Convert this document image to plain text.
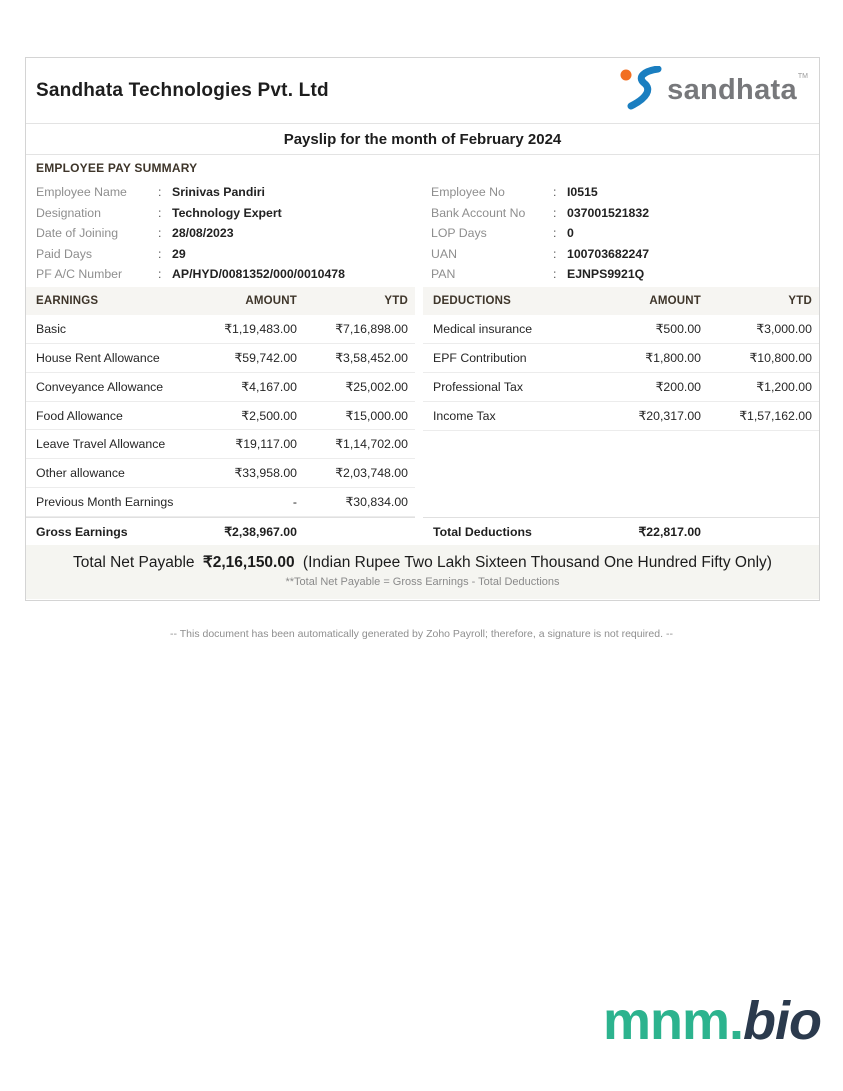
Sandhata Technologies Pvt. Ltd	sandhata TM
Payslip for the month of February 2024
EMPLOYEE PAY SUMMARY
Employee Name :	Srinivas Pandiri
Designation :	Technology Expert
Date of Joining :	28/08/2023
Paid Days :	29
PF A/C Number :	AP/HYD/0081352/000/0010478
Employee No :	I0515
Bank Account No :	037001521832
LOP Days :	0
UAN :	100703682247
PAN :	EJNPS9921Q
EARNINGS	AMOUNT	YTD
Basic	₹1,19,483.00	₹7,16,898.00
House Rent Allowance	₹59,742.00	₹3,58,452.00
Conveyance Allowance	₹4,167.00	₹25,002.00
Food Allowance	₹2,500.00	₹15,000.00
Leave Travel Allowance	₹19,117.00	₹1,14,702.00
Other allowance	₹33,958.00	₹2,03,748.00
Previous Month Earnings	-	₹30,834.00
Gross Earnings	₹2,38,967.00
DEDUCTIONS	AMOUNT	YTD
Medical insurance	₹500.00	₹3,000.00
EPF Contribution	₹1,800.00	₹10,800.00
Professional Tax	₹200.00	₹1,200.00
Income Tax	₹20,317.00	₹1,57,162.00
Total Deductions	₹22,817.00
Total Net Payable ₹2,16,150.00 (Indian Rupee Two Lakh Sixteen Thousand One Hundred Fifty Only)
**Total Net Payable = Gross Earnings - Total Deductions
-- This document has been automatically generated by Zoho Payroll; therefore, a signature is not required. --
mnm.bio
